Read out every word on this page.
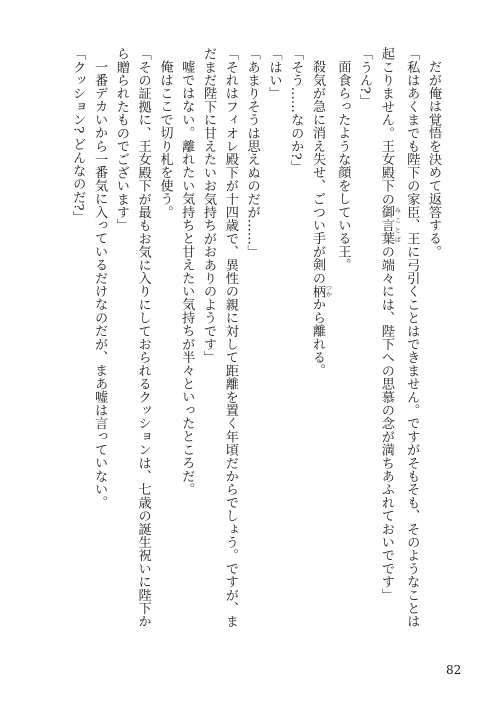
だが俺は覚悟を決めて返答する。
「私はあくまでも陛下の家臣、王に弓引くことはできません。ですがそもそも、そのようなことは
起こりません。王女殿下の御言葉 みことばの端々には、陛下への思慕の念が満ちあふれておいでです」
「うん?」
面食らったような顔をしている王。
殺気が急に消え失せ、ごつい手が剣の柄 つかから離れる。
「そう……なのか?」
「はい」
「あまりそうは思えぬのだが……」
「それはフィオレ殿下が十四歳で、異性の親に対して距離を置く年頃だからでしょう。ですが、ま
だまだ陛下に甘えたいお気持ちがおありのようです」
嘘ではない。離れたい気持ちと甘えたい気持ちが半々といったところだ。
俺はここで切り札を使う。
「その証拠に、王女殿下が最もお気に入りにしておられるクッションは、七歳の誕生祝いに陛下か
ら贈られたものでございます」
一番デカいから一番気に入っているだけなのだが、まあ嘘は言っていない。
「クッション? どんなのだ?」
82
